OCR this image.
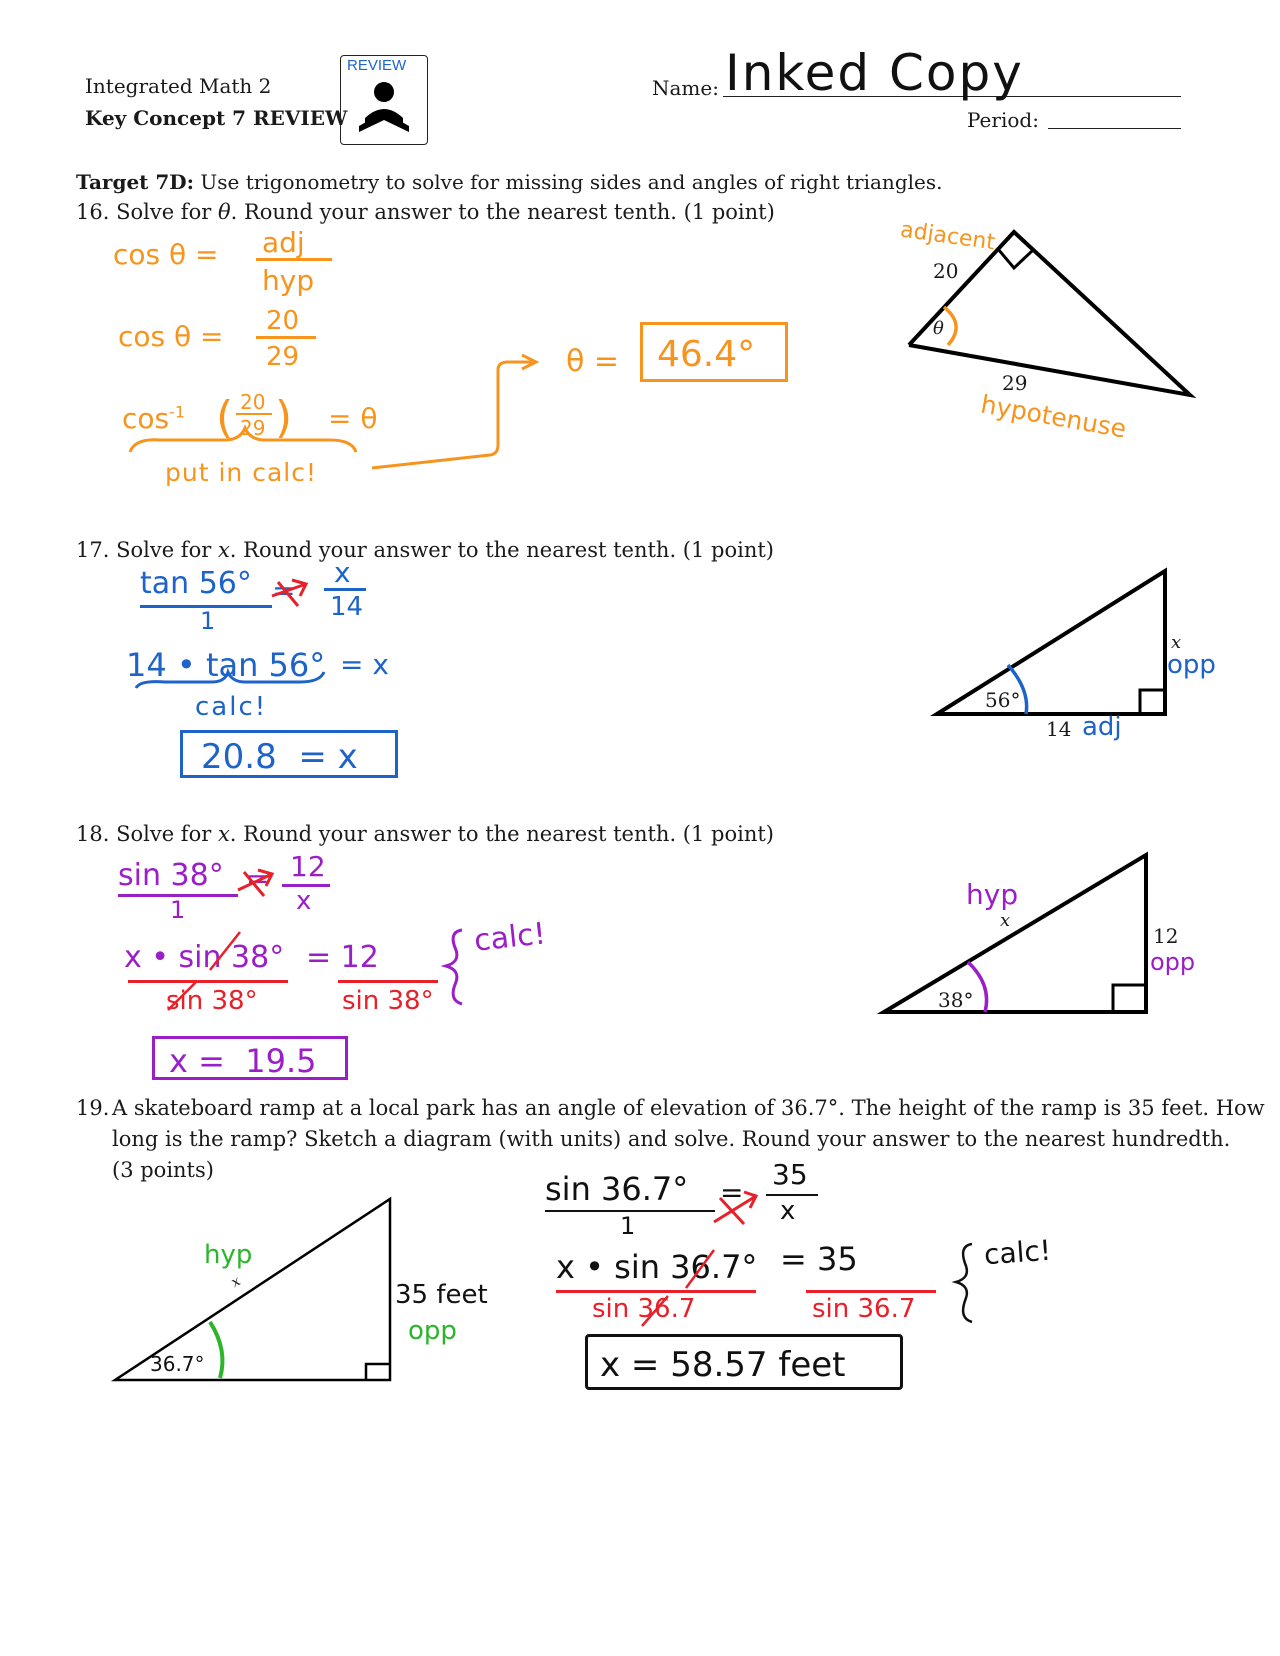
Integrated Math 2
Key Concept 7 REVIEW
REVIEW
Name: Inked Copy
Period:
Target 7D: Use trigonometry to solve for missing sides and angles of right triangles.
16. Solve for θ. Round your answer to the nearest tenth. (1 point)
20
θ
29
adjacent
hypotenuse
cos θ = adj
hyp
cos θ = 20
29
$\cos^{-1}$ ( 20
29 ) = θ
put in calc!
θ =	46.4°
17. Solve for x. Round your answer to the nearest tenth. (1 point)
x
opp
56°
14 adj
tan 56°
1
=
x
14
14 • tan 56° = x
calc!
20.8  = x
18. Solve for x. Round your answer to the nearest tenth. (1 point)
hyp
x
12
opp
38°
sin 38°
1
= 12
x
x • sin 38° = 12
sin 38°	sin 38°
calc!
x =  19.5
19. A skateboard ramp at a local park has an angle of elevation of 36.7°. The height of the ramp is 35 feet. How
long is the ramp? Sketch a diagram (with units) and solve. Round your answer to the nearest hundredth.
(3 points)
hyp
x	35 feet
opp
36.7°
sin 36.7°
1
=
35
x
x • sin 36.7° = 35
sin 36.7	sin 36.7
calc!
x = 58.57 feet
